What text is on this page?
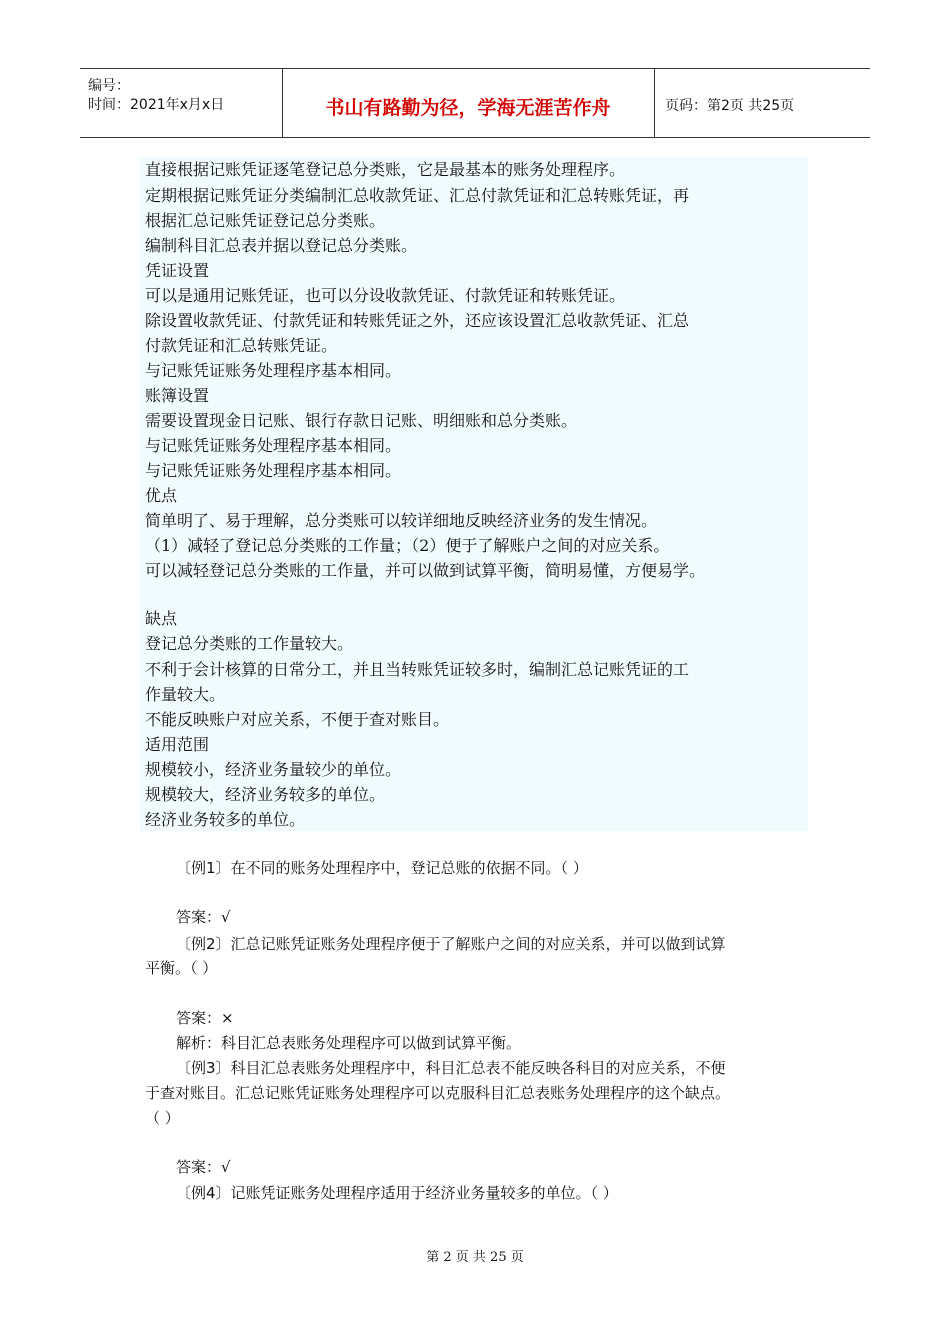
编号：
时间：2021年x月x日	书山有路勤为径，学海无涯苦作舟	页码：第2页 共25页
直接根据记账凭证逐笔登记总分类账，它是最基本的账务处理程序。
定期根据记账凭证分类编制汇总收款凭证、汇总付款凭证和汇总转账凭证，再
根据汇总记账凭证登记总分类账。
编制科目汇总表并据以登记总分类账。
凭证设置
可以是通用记账凭证，也可以分设收款凭证、付款凭证和转账凭证。
除设置收款凭证、付款凭证和转账凭证之外，还应该设置汇总收款凭证、汇总
付款凭证和汇总转账凭证。
与记账凭证账务处理程序基本相同。
账簿设置
需要设置现金日记账、银行存款日记账、明细账和总分类账。
与记账凭证账务处理程序基本相同。
与记账凭证账务处理程序基本相同。
优点
简单明了、易于理解，总分类账可以较详细地反映经济业务的发生情况。
（1）减轻了登记总分类账的工作量；（2）便于了解账户之间的对应关系。
可以减轻登记总分类账的工作量，并可以做到试算平衡，简明易懂，方便易学。
缺点
登记总分类账的工作量较大。
不利于会计核算的日常分工，并且当转账凭证较多时，编制汇总记账凭证的工
作量较大。
不能反映账户对应关系，不便于查对账目。
适用范围
规模较小，经济业务量较少的单位。
规模较大，经济业务较多的单位。
经济业务较多的单位。
〔例1〕在不同的账务处理程序中，登记总账的依据不同。（ ）
答案：√
〔例2〕汇总记账凭证账务处理程序便于了解账户之间的对应关系，并可以做到试算
平衡。（ ）
答案：×
解析：科目汇总表账务处理程序可以做到试算平衡。
〔例3〕科目汇总表账务处理程序中，科目汇总表不能反映各科目的对应关系，不便
于查对账目。汇总记账凭证账务处理程序可以克服科目汇总表账务处理程序的这个缺点。
（ ）
答案：√
〔例4〕记账凭证账务处理程序适用于经济业务量较多的单位。（ ）
第 2 页 共 25 页
